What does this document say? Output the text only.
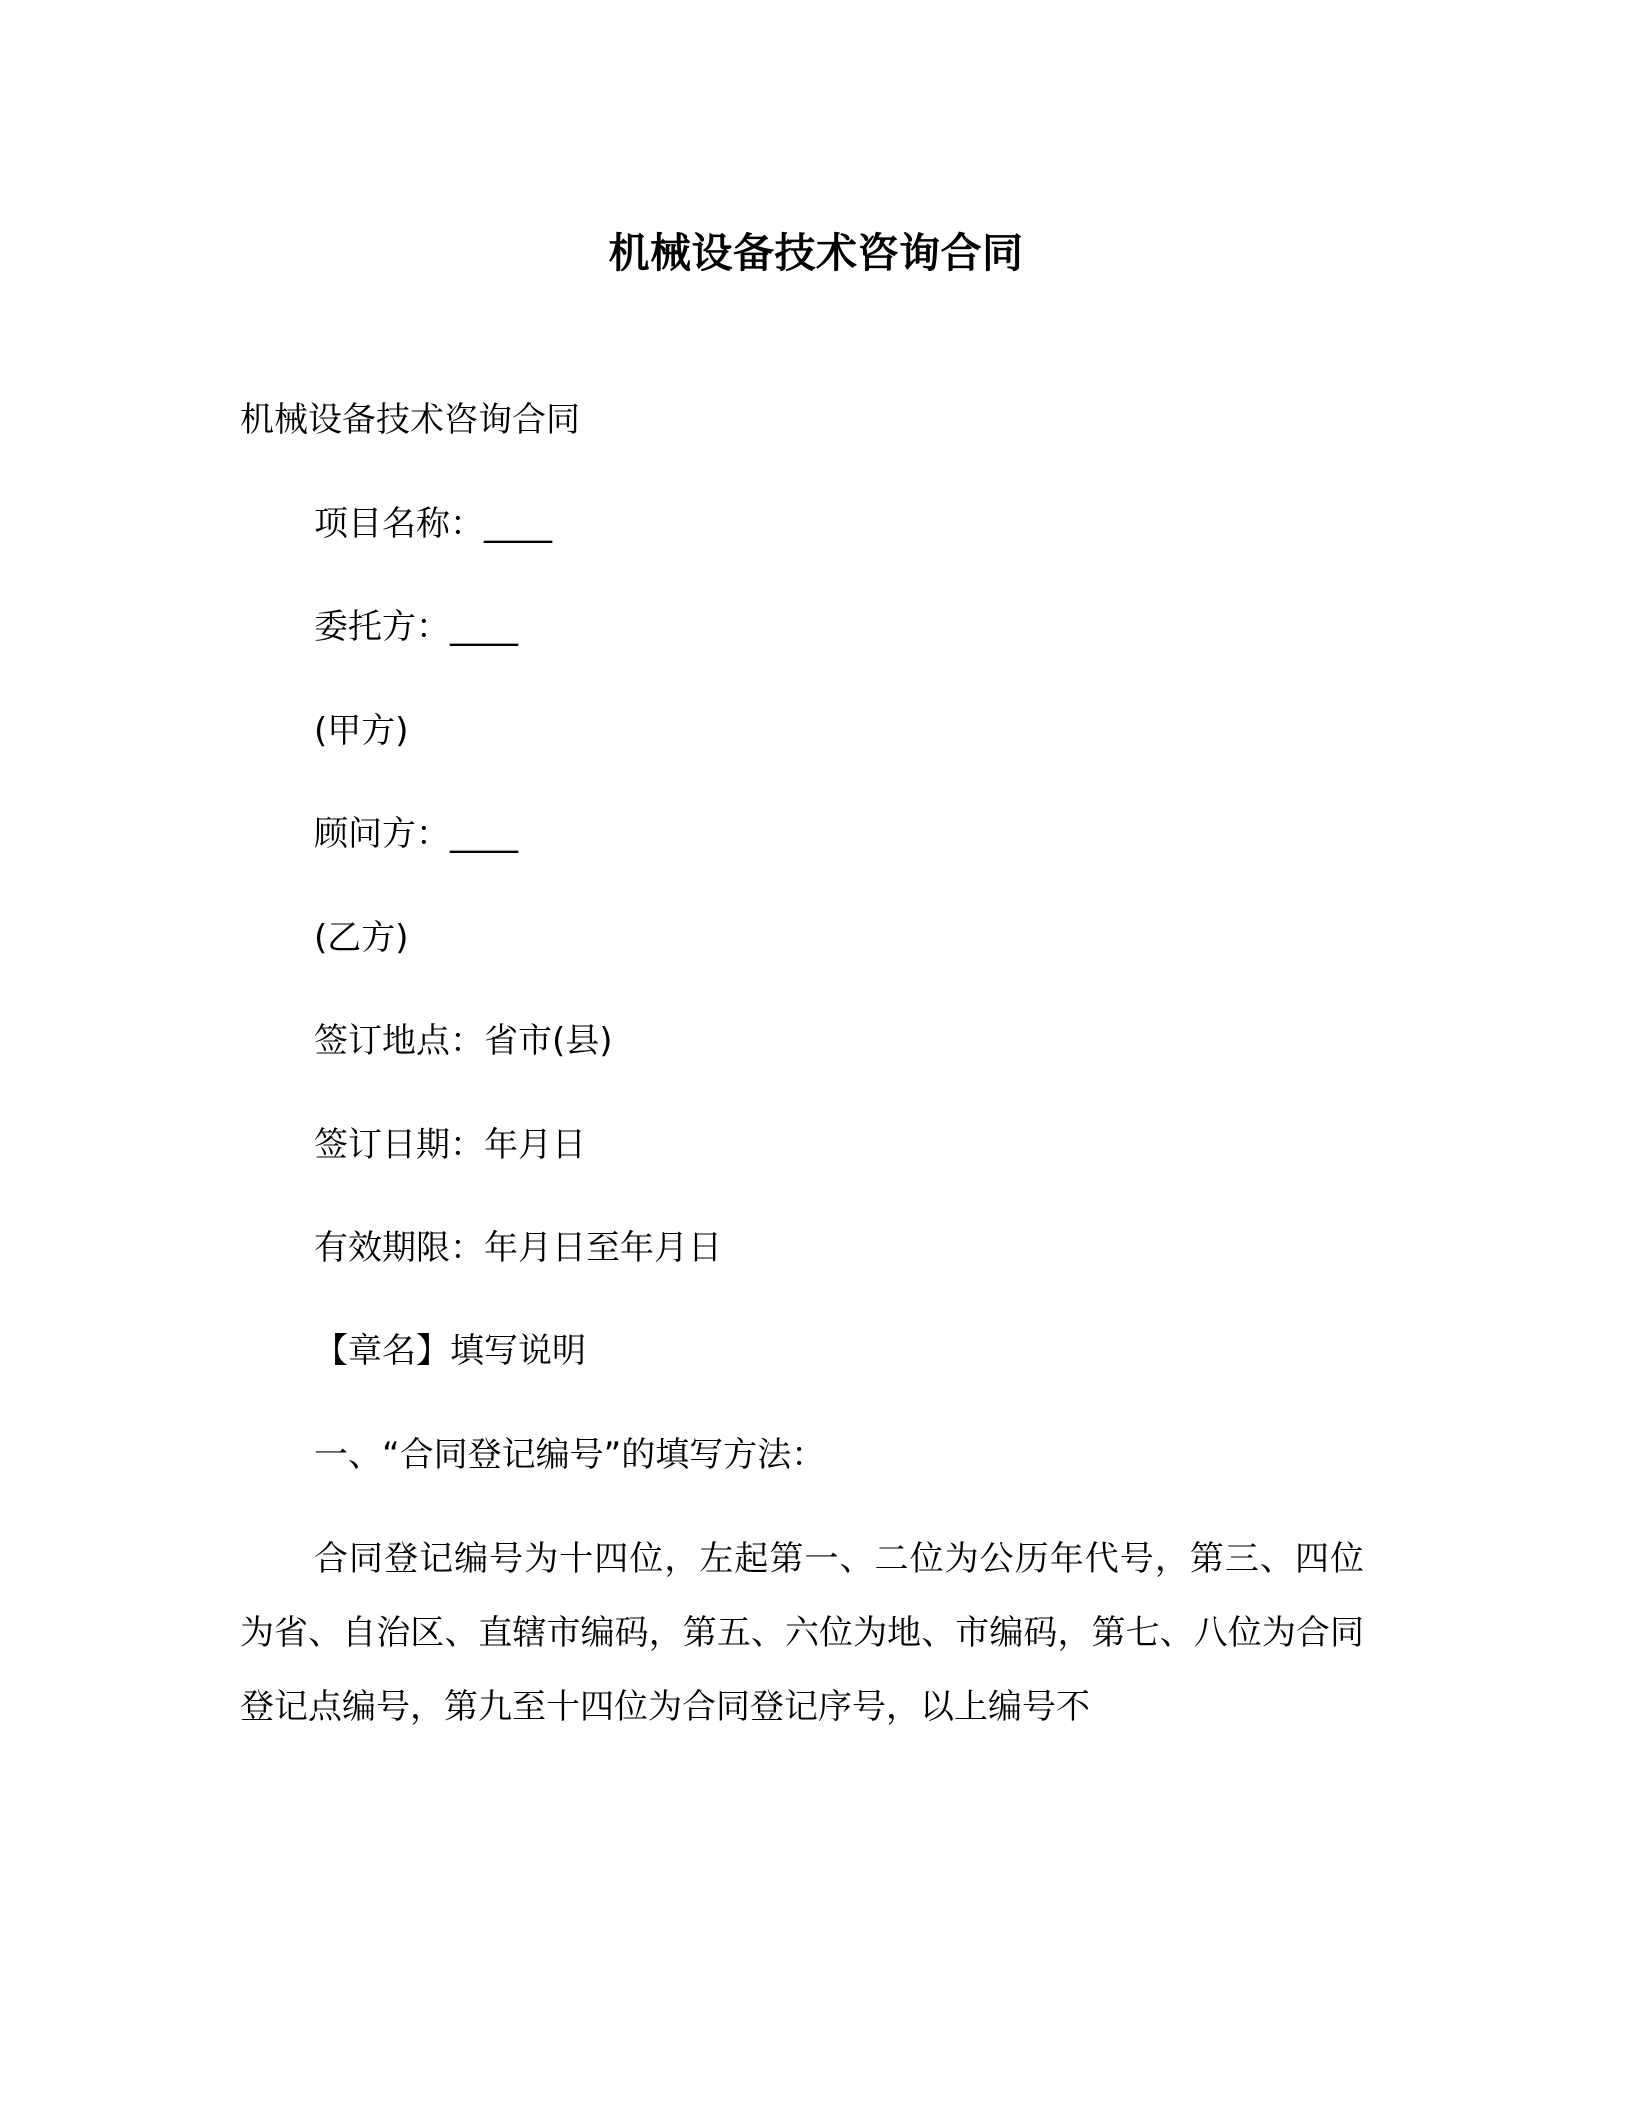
机械设备技术咨询合同
机械设备技术咨询合同
项目名称：____
委托方：____
(甲方)
顾问方：____
(乙方)
签订地点：省市(县)
签订日期：年月日
有效期限：年月日至年月日
【章名】填写说明
一、“合同登记编号”的填写方法：
合同登记编号为十四位，左起第一、二位为公历年代号，第三、四位为省、自治区、直辖市编码，第五、六位为地、市编码，第七、八位为合同登记点编号，第九至十四位为合同登记序号，以上编号不
